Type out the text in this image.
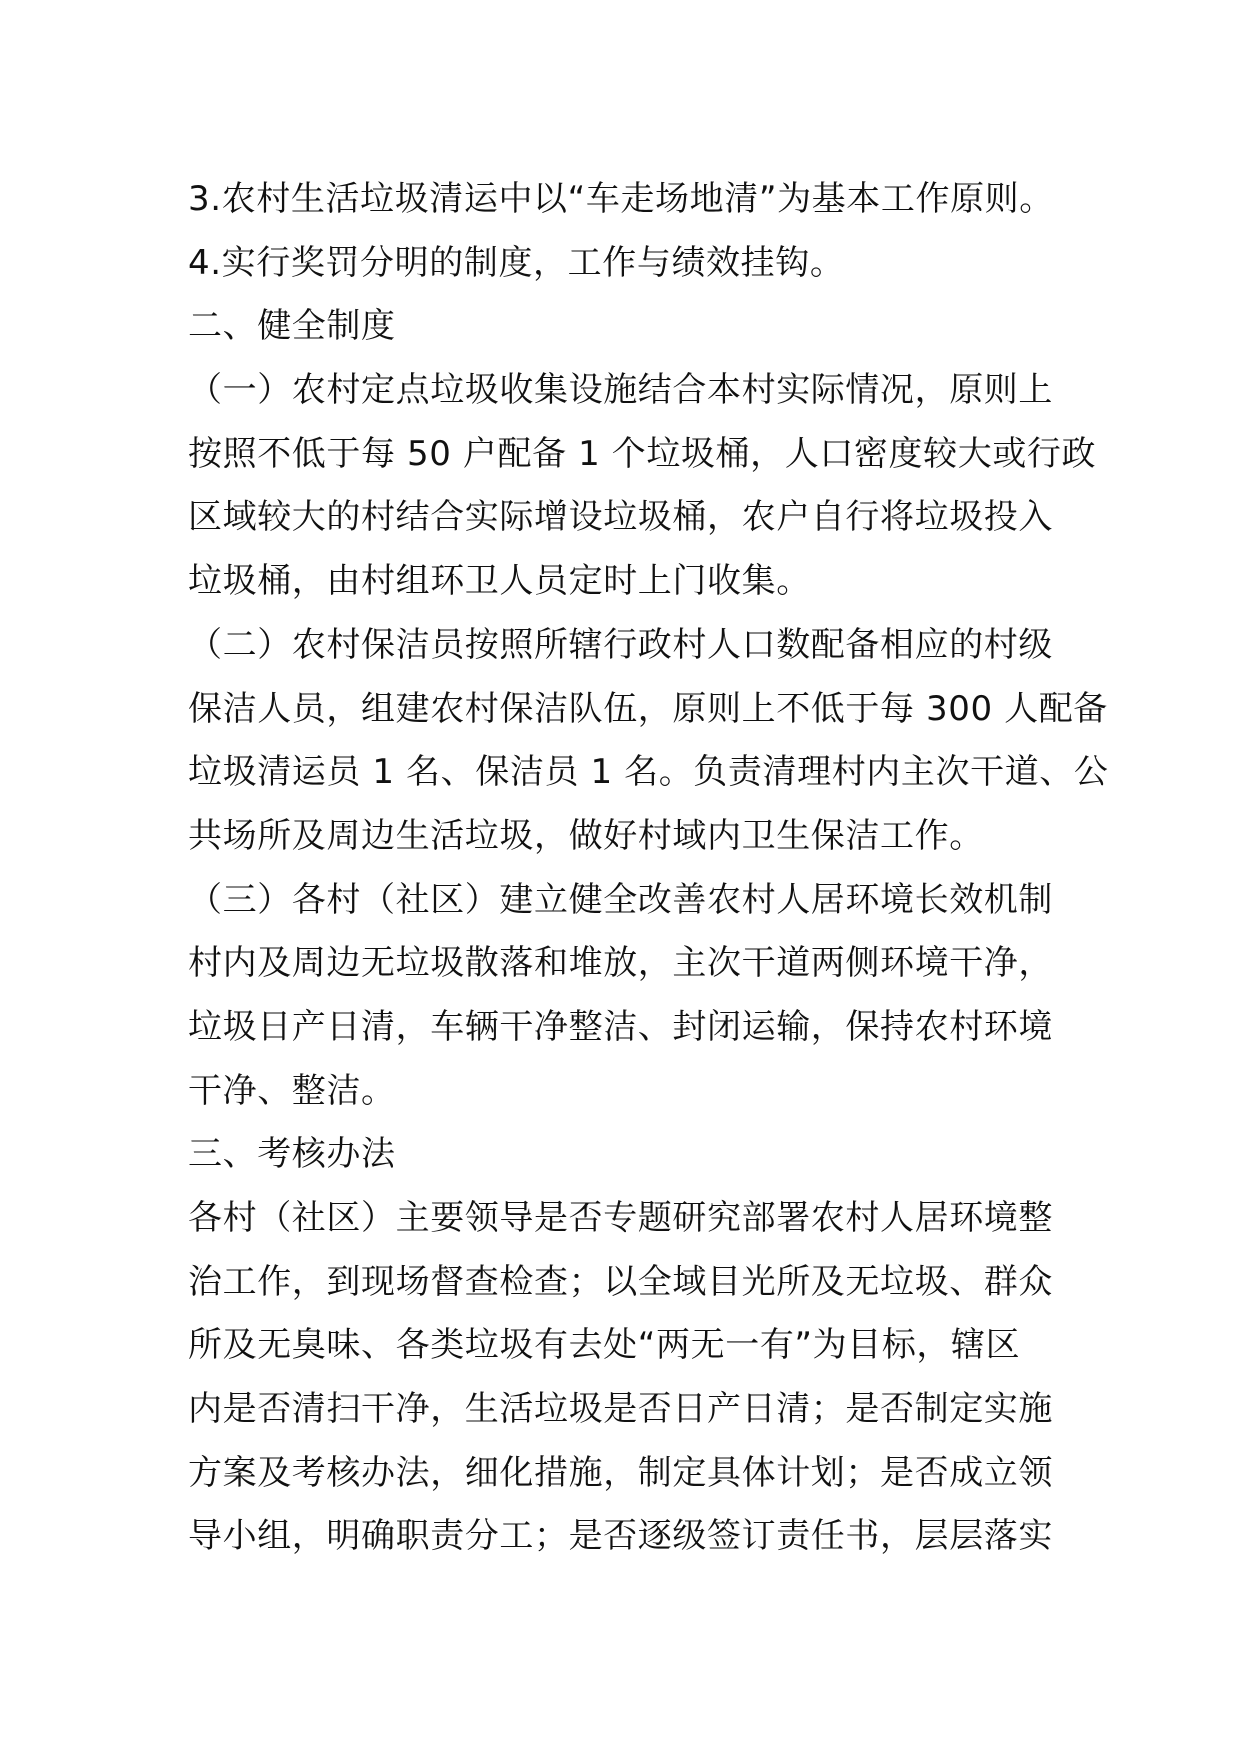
3.农村生活垃圾清运中以“车走场地清”为基本工作原则。
4.实行奖罚分明的制度，工作与绩效挂钩。
二、健全制度
（一）农村定点垃圾收集设施结合本村实际情况，原则上
按照不低于每 50 户配备 1 个垃圾桶，人口密度较大或行政
区域较大的村结合实际增设垃圾桶，农户自行将垃圾投入
垃圾桶，由村组环卫人员定时上门收集。
（二）农村保洁员按照所辖行政村人口数配备相应的村级
保洁人员，组建农村保洁队伍，原则上不低于每 300 人配备
垃圾清运员 1 名、保洁员 1 名。负责清理村内主次干道、公
共场所及周边生活垃圾，做好村域内卫生保洁工作。
（三）各村（社区）建立健全改善农村人居环境长效机制
村内及周边无垃圾散落和堆放，主次干道两侧环境干净，
垃圾日产日清，车辆干净整洁、封闭运输，保持农村环境
干净、整洁。
三、考核办法
各村（社区）主要领导是否专题研究部署农村人居环境整
治工作，到现场督查检查；以全域目光所及无垃圾、群众
所及无臭味、各类垃圾有去处“两无一有”为目标，辖区
内是否清扫干净，生活垃圾是否日产日清；是否制定实施
方案及考核办法，细化措施，制定具体计划；是否成立领
导小组，明确职责分工；是否逐级签订责任书，层层落实
